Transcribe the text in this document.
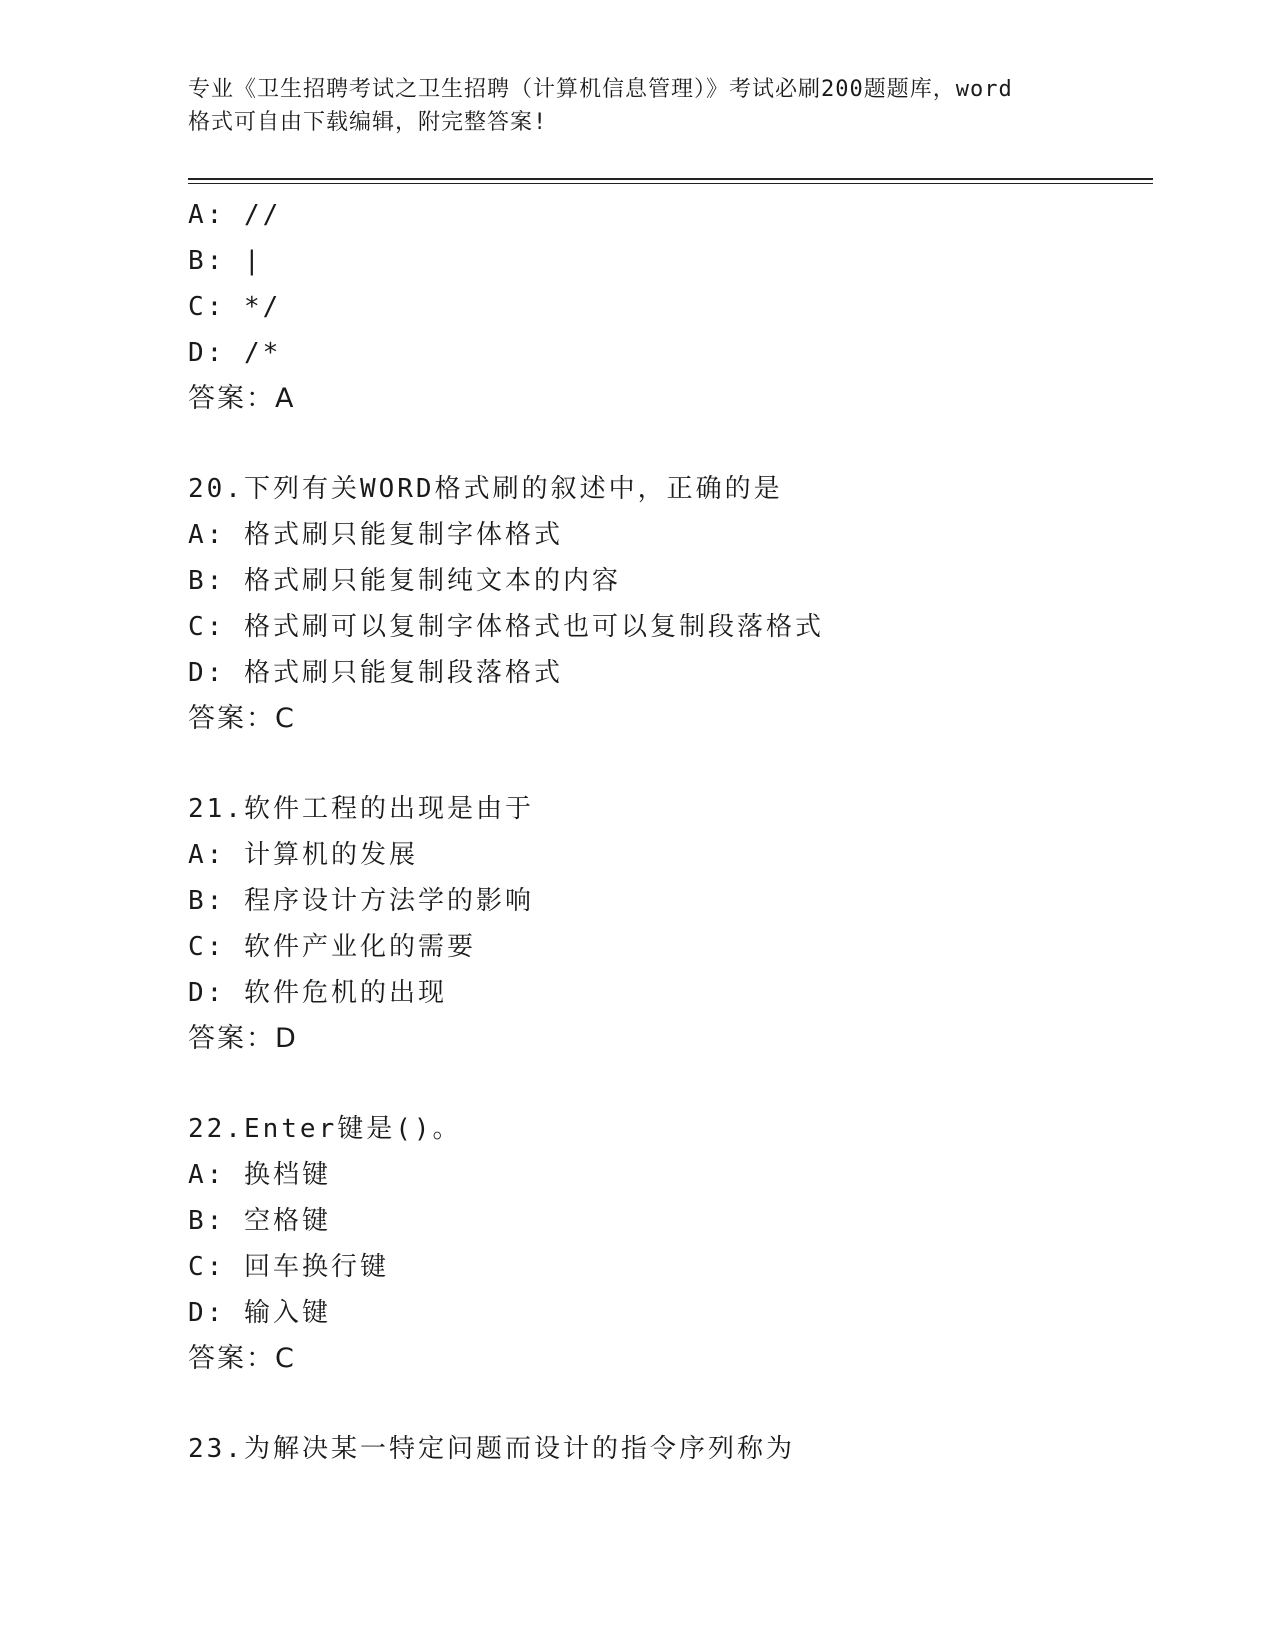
专业《卫生招聘考试之卫生招聘（计算机信息管理）》考试必刷200题题库，word
格式可自由下载编辑，附完整答案!
A: //
B: |
C: */
D: /*
答案：A
20.下列有关WORD格式刷的叙述中，正确的是
A: 格式刷只能复制字体格式
B: 格式刷只能复制纯文本的内容
C: 格式刷可以复制字体格式也可以复制段落格式
D: 格式刷只能复制段落格式
答案：C
21.软件工程的出现是由于
A: 计算机的发展
B: 程序设计方法学的影响
C: 软件产业化的需要
D: 软件危机的出现
答案：D
22.Enter键是()。
A: 换档键
B: 空格键
C: 回车换行键
D: 输入键
答案：C
23.为解决某一特定问题而设计的指令序列称为
